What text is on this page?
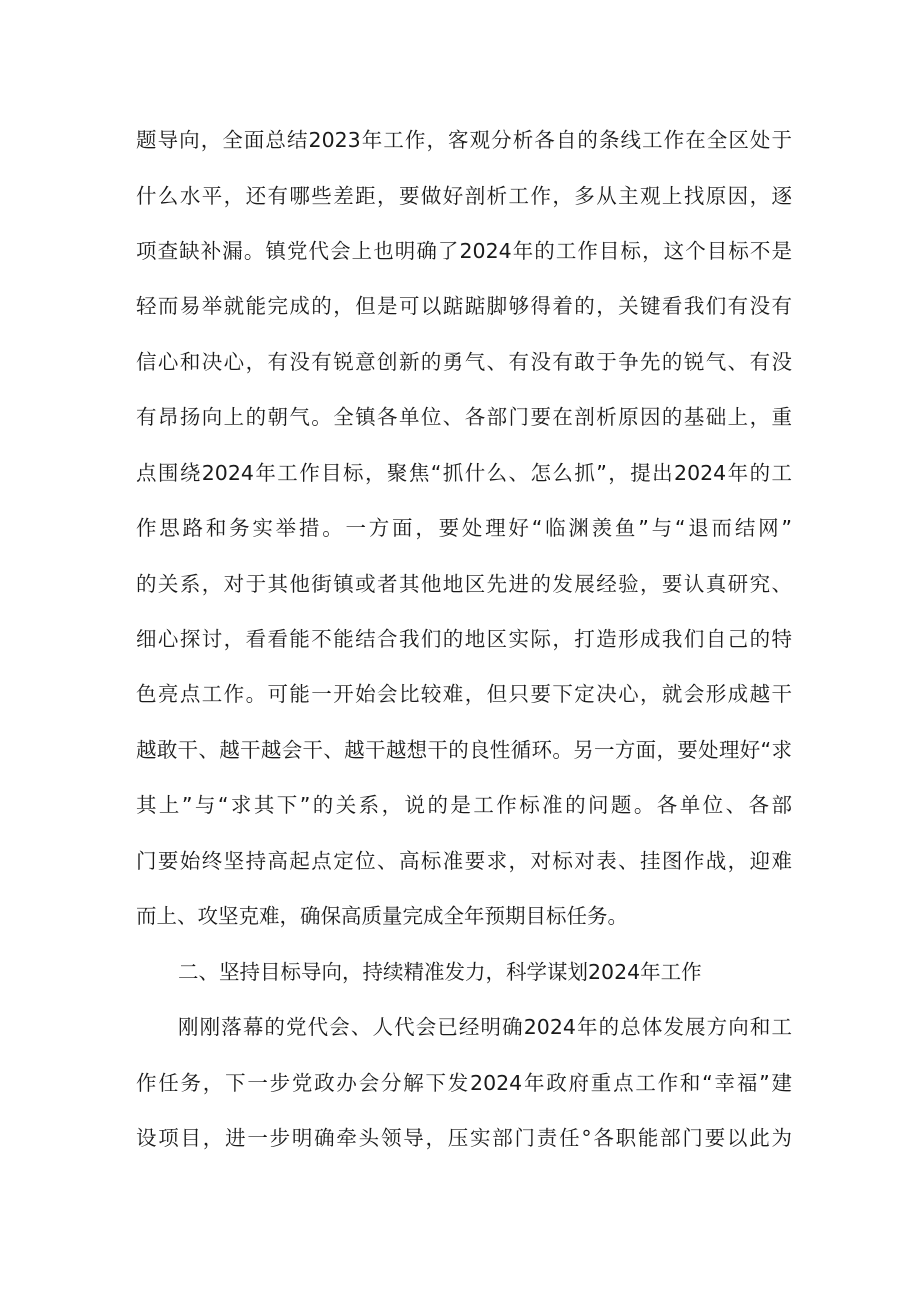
题导向，全面总结2023年工作，客观分析各自的条线工作在全区处于
什么水平，还有哪些差距，要做好剖析工作，多从主观上找原因，逐
项查缺补漏。镇党代会上也明确了2024年的工作目标，这个目标不是
轻而易举就能完成的，但是可以踮踮脚够得着的，关键看我们有没有
信心和决心，有没有锐意创新的勇气、有没有敢于争先的锐气、有没
有昂扬向上的朝气。全镇各单位、各部门要在剖析原因的基础上，重
点围绕2024年工作目标，聚焦“抓什么、怎么抓”，提出2024年的工
作思路和务实举措。一方面，要处理好“临渊羡鱼”与“退而结网”
的关系，对于其他街镇或者其他地区先进的发展经验，要认真研究、
细心探讨，看看能不能结合我们的地区实际，打造形成我们自己的特
色亮点工作。可能一开始会比较难，但只要下定决心，就会形成越干
越敢干、越干越会干、越干越想干的良性循环。另一方面，要处理好“求
其上”与“求其下”的关系，说的是工作标准的问题。各单位、各部
门要始终坚持高起点定位、高标准要求，对标对表、挂图作战，迎难
而上、攻坚克难，确保高质量完成全年预期目标任务。
二、坚持目标导向，持续精准发力，科学谋划2024年工作
刚刚落幕的党代会、人代会已经明确2024年的总体发展方向和工
作任务，下一步党政办会分解下发2024年政府重点工作和“幸福”建
设项目，进一步明确牵头领导，压实部门责任°各职能部门要以此为
